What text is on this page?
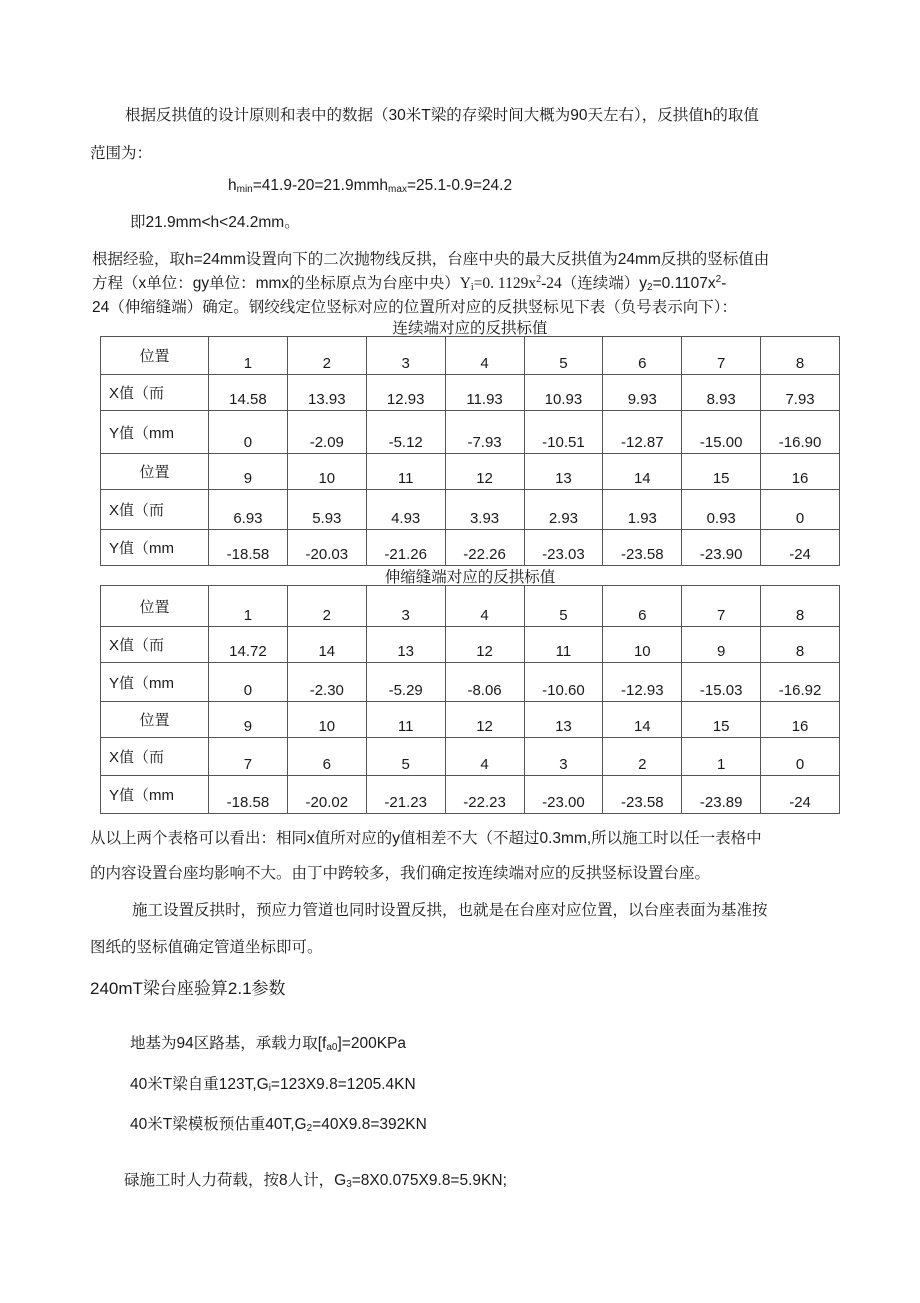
根据反拱值的设计原则和表中的数据（30米T梁的存梁时间大概为90天左右），反拱值h的取值
范围为：
$h_{min}=41.9-20=21.9mmh_{max}=25.1-0.9=24.2$
即21.9mm<h<24.2mm。
根据经验，取h=24mm设置向下的二次抛物线反拱，台座中央的最大反拱值为24mm反拱的竖标值由
方程（x单位：gy单位：mmx的坐标原点为台座中央）$Y_i=0$. $1129x^2-24$（连续端）$y_2=0.1107x^2-$
24（伸缩缝端）确定。钢绞线定位竖标对应的位置所对应的反拱竖标见下表（负号表示向下）：
连续端对应的反拱标值
位置	1	2	3	4	5	6	7	8
X值（而	14.58	13.93	12.93	11.93	10.93	9.93	8.93	7.93
Y值（mm	0	-2.09	-5.12	-7.93	-10.51	-12.87	-15.00	-16.90
位置	9	10	11	12	13	14	15	16
X值（而	6.93	5.93	4.93	3.93	2.93	1.93	0.93	0
Y值（mm	-18.58	-20.03	-21.26	-22.26	-23.03	-23.58	-23.90	-24
伸缩缝端对应的反拱标值
位置	1	2	3	4	5	6	7	8
X值（而	14.72	14	13	12	11	10	9	8
Y值（mm	0	-2.30	-5.29	-8.06	-10.60	-12.93	-15.03	-16.92
位置	9	10	11	12	13	14	15	16
X值（而	7	6	5	4	3	2	1	0
Y值（mm	-18.58	-20.02	-21.23	-22.23	-23.00	-23.58	-23.89	-24
从以上两个表格可以看出：相同x值所对应的y值相差不大（不超过0.3mm,所以施工时以任一表格中
的内容设置台座均影响不大。由丁中跨较多，我们确定按连续端对应的反拱竖标设置台座。
施工设置反拱时，预应力管道也同时设置反拱，也就是在台座对应位置，以台座表面为基准按
图纸的竖标值确定管道坐标即可。
240mT梁台座验算2.1参数
地基为94区路基，承载力取$[f_{a0}]=200KPa$
40米T梁自重$123T,G_i=123X9.8=1205.4KN$
40米T梁模板预估重$40T,G_2=40X9.8=392KN$
碌施工时人力荷载，按8人计，$G_3=8X0.075X9.8=5.9KN$;
